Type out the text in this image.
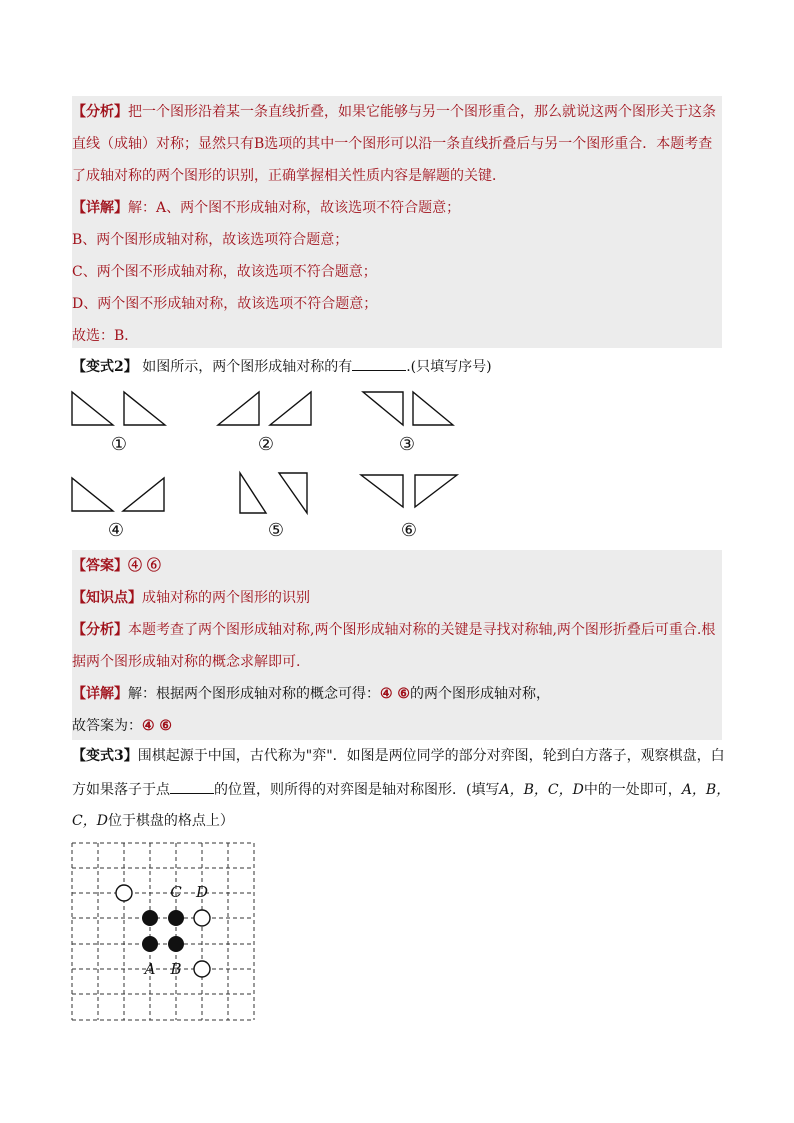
【分析】把一个图形沿着某一条直线折叠，如果它能够与另一个图形重合，那么就说这两个图形关于这条
直线（成轴）对称；显然只有B选项的其中一个图形可以沿一条直线折叠后与另一个图形重合．本题考查
了成轴对称的两个图形的识别，正确掌握相关性质内容是解题的关键．
【详解】解：A、两个图不形成轴对称，故该选项不符合题意；
B、两个图形成轴对称，故该选项符合题意；
C、两个图不形成轴对称，故该选项不符合题意；
D、两个图不形成轴对称，故该选项不符合题意；
故选：B．
【变式2】 如图所示，两个图形成轴对称的有	.(只填写序号)
①	②	③
④	⑤	⑥
【答案】④ ⑥
【知识点】成轴对称的两个图形的识别
【分析】本题考查了两个图形成轴对称,两个图形成轴对称的关键是寻找对称轴,两个图形折叠后可重合.根
据两个图形成轴对称的概念求解即可.
【详解】解：根据两个图形成轴对称的概念可得：④ ⑥的两个图形成轴对称，
故答案为：④ ⑥
【变式3】围棋起源于中国，古代称为"弈"．如图是两位同学的部分对弈图，轮到白方落子，观察棋盘，白
方如果落子于点	的位置，则所得的对弈图是轴对称图形．(填写A，B，C，D中的一处即可，A，B，
C，D位于棋盘的格点上）
C D
A B
